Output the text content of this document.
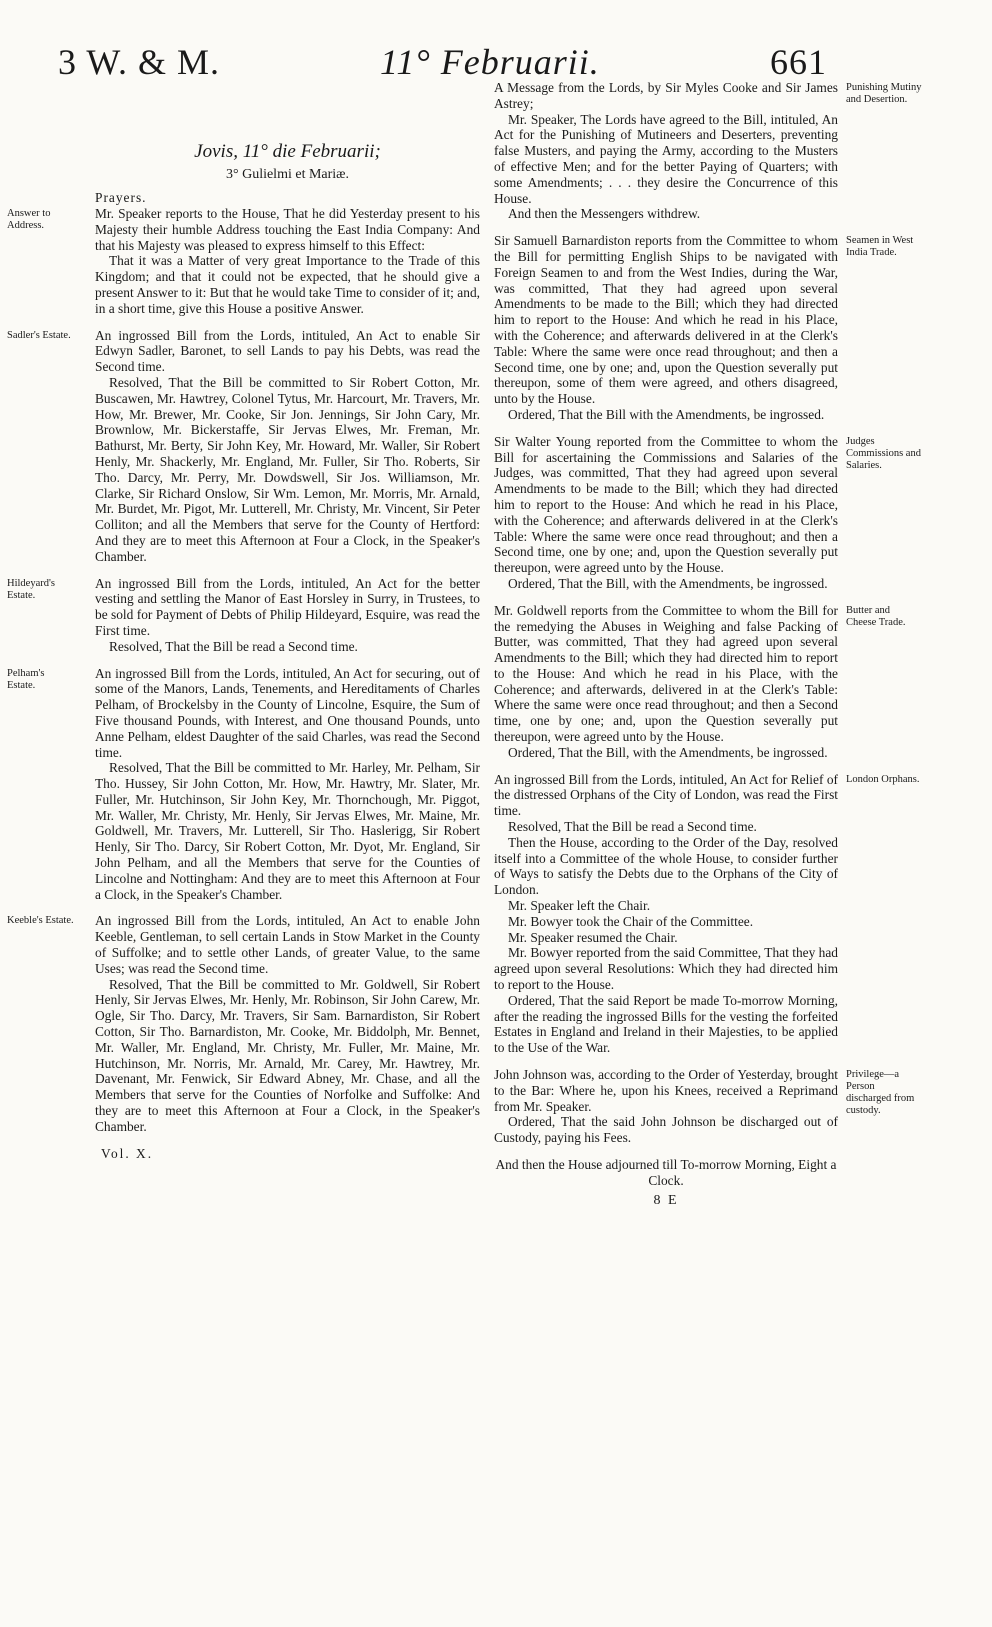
3 W. & M.	11° Februarii.	661
Jovis, 11° die Februarii;
3° Gulielmi et Mariæ.

Prayers.

Answer to Address.

Mr. Speaker reports to the House, That he did Yesterday present to his Majesty their humble Address touching the East India Company: And that his Majesty was pleased to express himself to this Effect:

That it was a Matter of very great Importance to the Trade of this Kingdom; and that it could not be expected, that he should give a present Answer to it: But that he would take Time to consider of it; and, in a short time, give this House a positive Answer.

Sadler's Estate.	An ingrossed Bill from the Lords, intituled, An Act to enable Sir Edwyn Sadler, Baronet, to sell Lands to pay his Debts, was read the Second time.

Resolved, That the Bill be committed to Sir Robert Cotton, Mr. Buscawen, Mr. Hawtrey, Colonel Tytus, Mr. Harcourt, Mr. Travers, Mr. How, Mr. Brewer, Mr. Cooke, Sir Jon. Jennings, Sir John Cary, Mr. Brownlow, Mr. Bickerstaffe, Sir Jervas Elwes, Mr. Freman, Mr. Bathurst, Mr. Berty, Sir John Key, Mr. Howard, Mr. Waller, Sir Robert Henly, Mr. Shackerly, Mr. England, Mr. Fuller, Sir Tho. Roberts, Sir Tho. Darcy, Mr. Perry, Mr. Dowdswell, Sir Jos. Williamson, Mr. Clarke, Sir Richard Onslow, Sir Wm. Lemon, Mr. Morris, Mr. Arnald, Mr. Burdet, Mr. Pigot, Mr. Lutterell, Mr. Christy, Mr. Vincent, Sir Peter Colliton; and all the Members that serve for the County of Hertford: And they are to meet this Afternoon at Four a Clock, in the Speaker's Chamber.

Hildeyard's Estate.

An ingrossed Bill from the Lords, intituled, An Act for the better vesting and settling the Manor of East Horsley in Surry, in Trustees, to be sold for Payment of Debts of Philip Hildeyard, Esquire, was read the First time.

Resolved, That the Bill be read a Second time.

Pelham's Estate.

An ingrossed Bill from the Lords, intituled, An Act for securing, out of some of the Manors, Lands, Tenements, and Hereditaments of Charles Pelham, of Brockelsby in the County of Lincolne, Esquire, the Sum of Five thousand Pounds, with Interest, and One thousand Pounds, unto Anne Pelham, eldest Daughter of the said Charles, was read the Second time.

Resolved, That the Bill be committed to Mr. Harley, Mr. Pelham, Sir Tho. Hussey, Sir John Cotton, Mr. How, Mr. Hawtry, Mr. Slater, Mr. Fuller, Mr. Hutchinson, Sir John Key, Mr. Thornchough, Mr. Piggot, Mr. Waller, Mr. Christy, Mr. Henly, Sir Jervas Elwes, Mr. Maine, Mr. Goldwell, Mr. Travers, Mr. Lutterell, Sir Tho. Haslerigg, Sir Robert Henly, Sir Tho. Darcy, Sir Robert Cotton, Mr. Dyot, Mr. England, Sir John Pelham, and all the Members that serve for the Counties of Lincolne and Nottingham: And they are to meet this Afternoon at Four a Clock, in the Speaker's Chamber.

Keeble's Estate. An ingrossed Bill from the Lords, intituled, An Act to enable John Keeble, Gentleman, to sell certain Lands in Stow Market in the County of Suffolke; and to settle other Lands, of greater Value, to the same Uses; was read the Second time.

Resolved, That the Bill be committed to Mr. Goldwell, Sir Robert Henly, Sir Jervas Elwes, Mr. Henly, Mr. Robinson, Sir John Carew, Mr. Ogle, Sir Tho. Darcy, Mr. Travers, Sir Sam. Barnardiston, Sir Robert Cotton, Sir Tho. Barnardiston, Mr. Cooke, Mr. Biddolph, Mr. Bennet, Mr. Waller, Mr. England, Mr. Christy, Mr. Fuller, Mr. Maine, Mr. Hutchinson, Mr. Norris, Mr. Arnald, Mr. Carey, Mr. Hawtrey, Mr. Davenant, Mr. Fenwick, Sir Edward Abney, Mr. Chase, and all the Members that serve for the Counties of Norfolke and Suffolke: And they are to meet this Afternoon at Four a Clock, in the Speaker's Chamber.

Vol. X.
Punishing Mutiny and Desertion.

A Message from the Lords, by Sir Myles Cooke and Sir James Astrey;

Mr. Speaker, The Lords have agreed to the Bill, intituled, An Act for the Punishing of Mutineers and Deserters, preventing false Musters, and paying the Army, according to the Musters of effective Men; and for the better Paying of Quarters; with some Amendments; . . . they desire the Concurrence of this House.

And then the Messengers withdrew.

Seamen in West India Trade.

Sir Samuell Barnardiston reports from the Committee to whom the Bill for permitting English Ships to be navigated with Foreign Seamen to and from the West Indies, during the War, was committed, That they had agreed upon several Amendments to be made to the Bill; which they had directed him to report to the House: And which he read in his Place, with the Coherence; and afterwards delivered in at the Clerk's Table: Where the same were once read throughout; and then a Second time, one by one; and, upon the Question severally put thereupon, some of them were agreed, and others disagreed, unto by the House.

Ordered, That the Bill with the Amendments, be ingrossed.

Judges Commissions and Salaries.

Sir Walter Young reported from the Committee to whom the Bill for ascertaining the Commissions and Salaries of the Judges, was committed, That they had agreed upon several Amendments to be made to the Bill; which they had directed him to report to the House: And which he read in his Place, with the Coherence; and afterwards delivered in at the Clerk's Table: Where the same were once read throughout; and then a Second time, one by one; and, upon the Question severally put thereupon, were agreed unto by the House.

Ordered, That the Bill, with the Amendments, be ingrossed.

Butter and Cheese Trade.

Mr. Goldwell reports from the Committee to whom the Bill for the remedying the Abuses in Weighing and false Packing of Butter, was committed, That they had agreed upon several Amendments to the Bill; which they had directed him to report to the House: And which he read in his Place, with the Coherence; and afterwards, delivered in at the Clerk's Table: Where the same were once read throughout; and then a Second time, one by one; and, upon the Question severally put thereupon, were agreed unto by the House.

Ordered, That the Bill, with the Amendments, be ingrossed.

London Orphans.

An ingrossed Bill from the Lords, intituled, An Act for Relief of the distressed Orphans of the City of London, was read the First time.

Resolved, That the Bill be read a Second time.

Then the House, according to the Order of the Day, resolved itself into a Committee of the whole House, to consider further of Ways to satisfy the Debts due to the Orphans of the City of London.

Mr. Speaker left the Chair.

Mr. Bowyer took the Chair of the Committee.

Mr. Speaker resumed the Chair.

Mr. Bowyer reported from the said Committee, That they had agreed upon several Resolutions: Which they had directed him to report to the House.

Ordered, That the said Report be made To-morrow Morning, after the reading the ingrossed Bills for the vesting the forfeited Estates in England and Ireland in their Majesties, to be applied to the Use of the War.

Privilege—a Person discharged from custody.

John Johnson was, according to the Order of Yesterday, brought to the Bar: Where he, upon his Knees, received a Reprimand from Mr. Speaker.

Ordered, That the said John Johnson be discharged out of Custody, paying his Fees.

And then the House adjourned till To-morrow Morning, Eight a Clock.

8 E
